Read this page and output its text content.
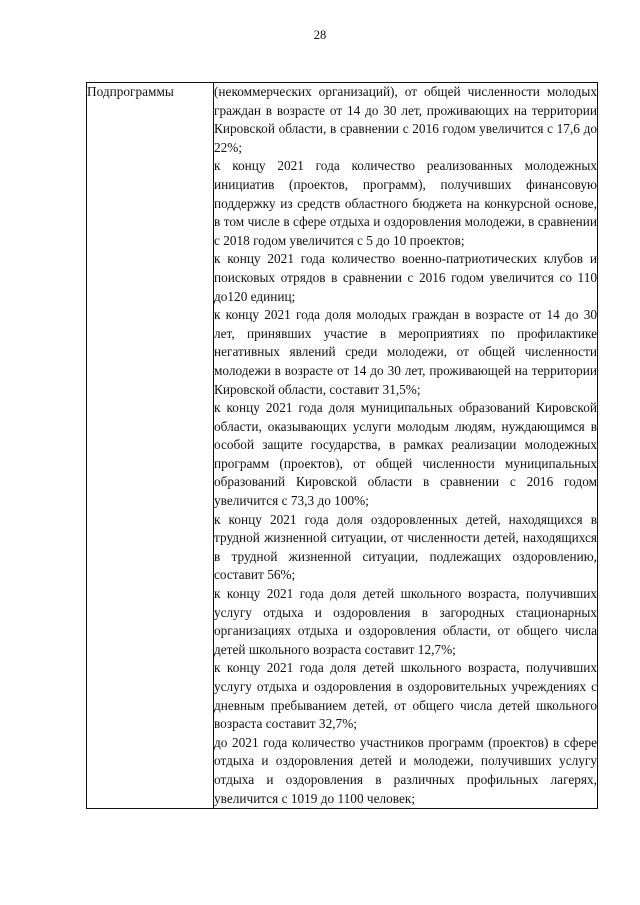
28
Подпрограммы	(некоммерческих организаций), от общей численности молодых граждан в возрасте от 14 до 30 лет, проживающих на территории Кировской области, в сравнении с 2016 годом увеличится с 17,6 до 22%;

к концу 2021 года количество реализованных молодежных инициатив (проектов, программ), получивших финансовую поддержку из средств областного бюджета на конкурсной основе, в том числе в сфере отдыха и оздоровления молодежи, в сравнении с 2018 годом увеличится с 5 до 10 проектов;

к концу 2021 года количество военно-патриотических клубов и поисковых отрядов в сравнении с 2016 годом увеличится со 110 до120 единиц;

к концу 2021 года доля молодых граждан в возрасте от 14 до 30 лет, принявших участие в мероприятиях по профилактике негативных явлений среди молодежи, от общей численности молодежи в возрасте от 14 до 30 лет, проживающей на территории Кировской области, составит 31,5%;

к концу 2021 года доля муниципальных образований Кировской области, оказывающих услуги молодым людям, нуждающимся в особой защите государства, в рамках реализации молодежных программ (проектов), от общей численности муниципальных образований Кировской области в сравнении с 2016 годом увеличится с 73,3 до 100%;

к концу 2021 года доля оздоровленных детей, находящихся в трудной жизненной ситуации, от численности детей, находящихся в трудной жизненной ситуации, подлежащих оздоровлению, составит 56%;

к концу 2021 года доля детей школьного возраста, получивших услугу отдыха и оздоровления в загородных стационарных организациях отдыха и оздоровления области, от общего числа детей школьного возраста составит 12,7%;

к концу 2021 года доля детей школьного возраста, получивших услугу отдыха и оздоровления в оздоровительных учреждениях с дневным пребыванием детей, от общего числа детей школьного возраста составит 32,7%;

до 2021 года количество участников программ (проектов) в сфере отдыха и оздоровления детей и молодежи, получивших услугу отдыха и оздоровления в различных профильных лагерях, увеличится с 1019 до 1100 человек;
